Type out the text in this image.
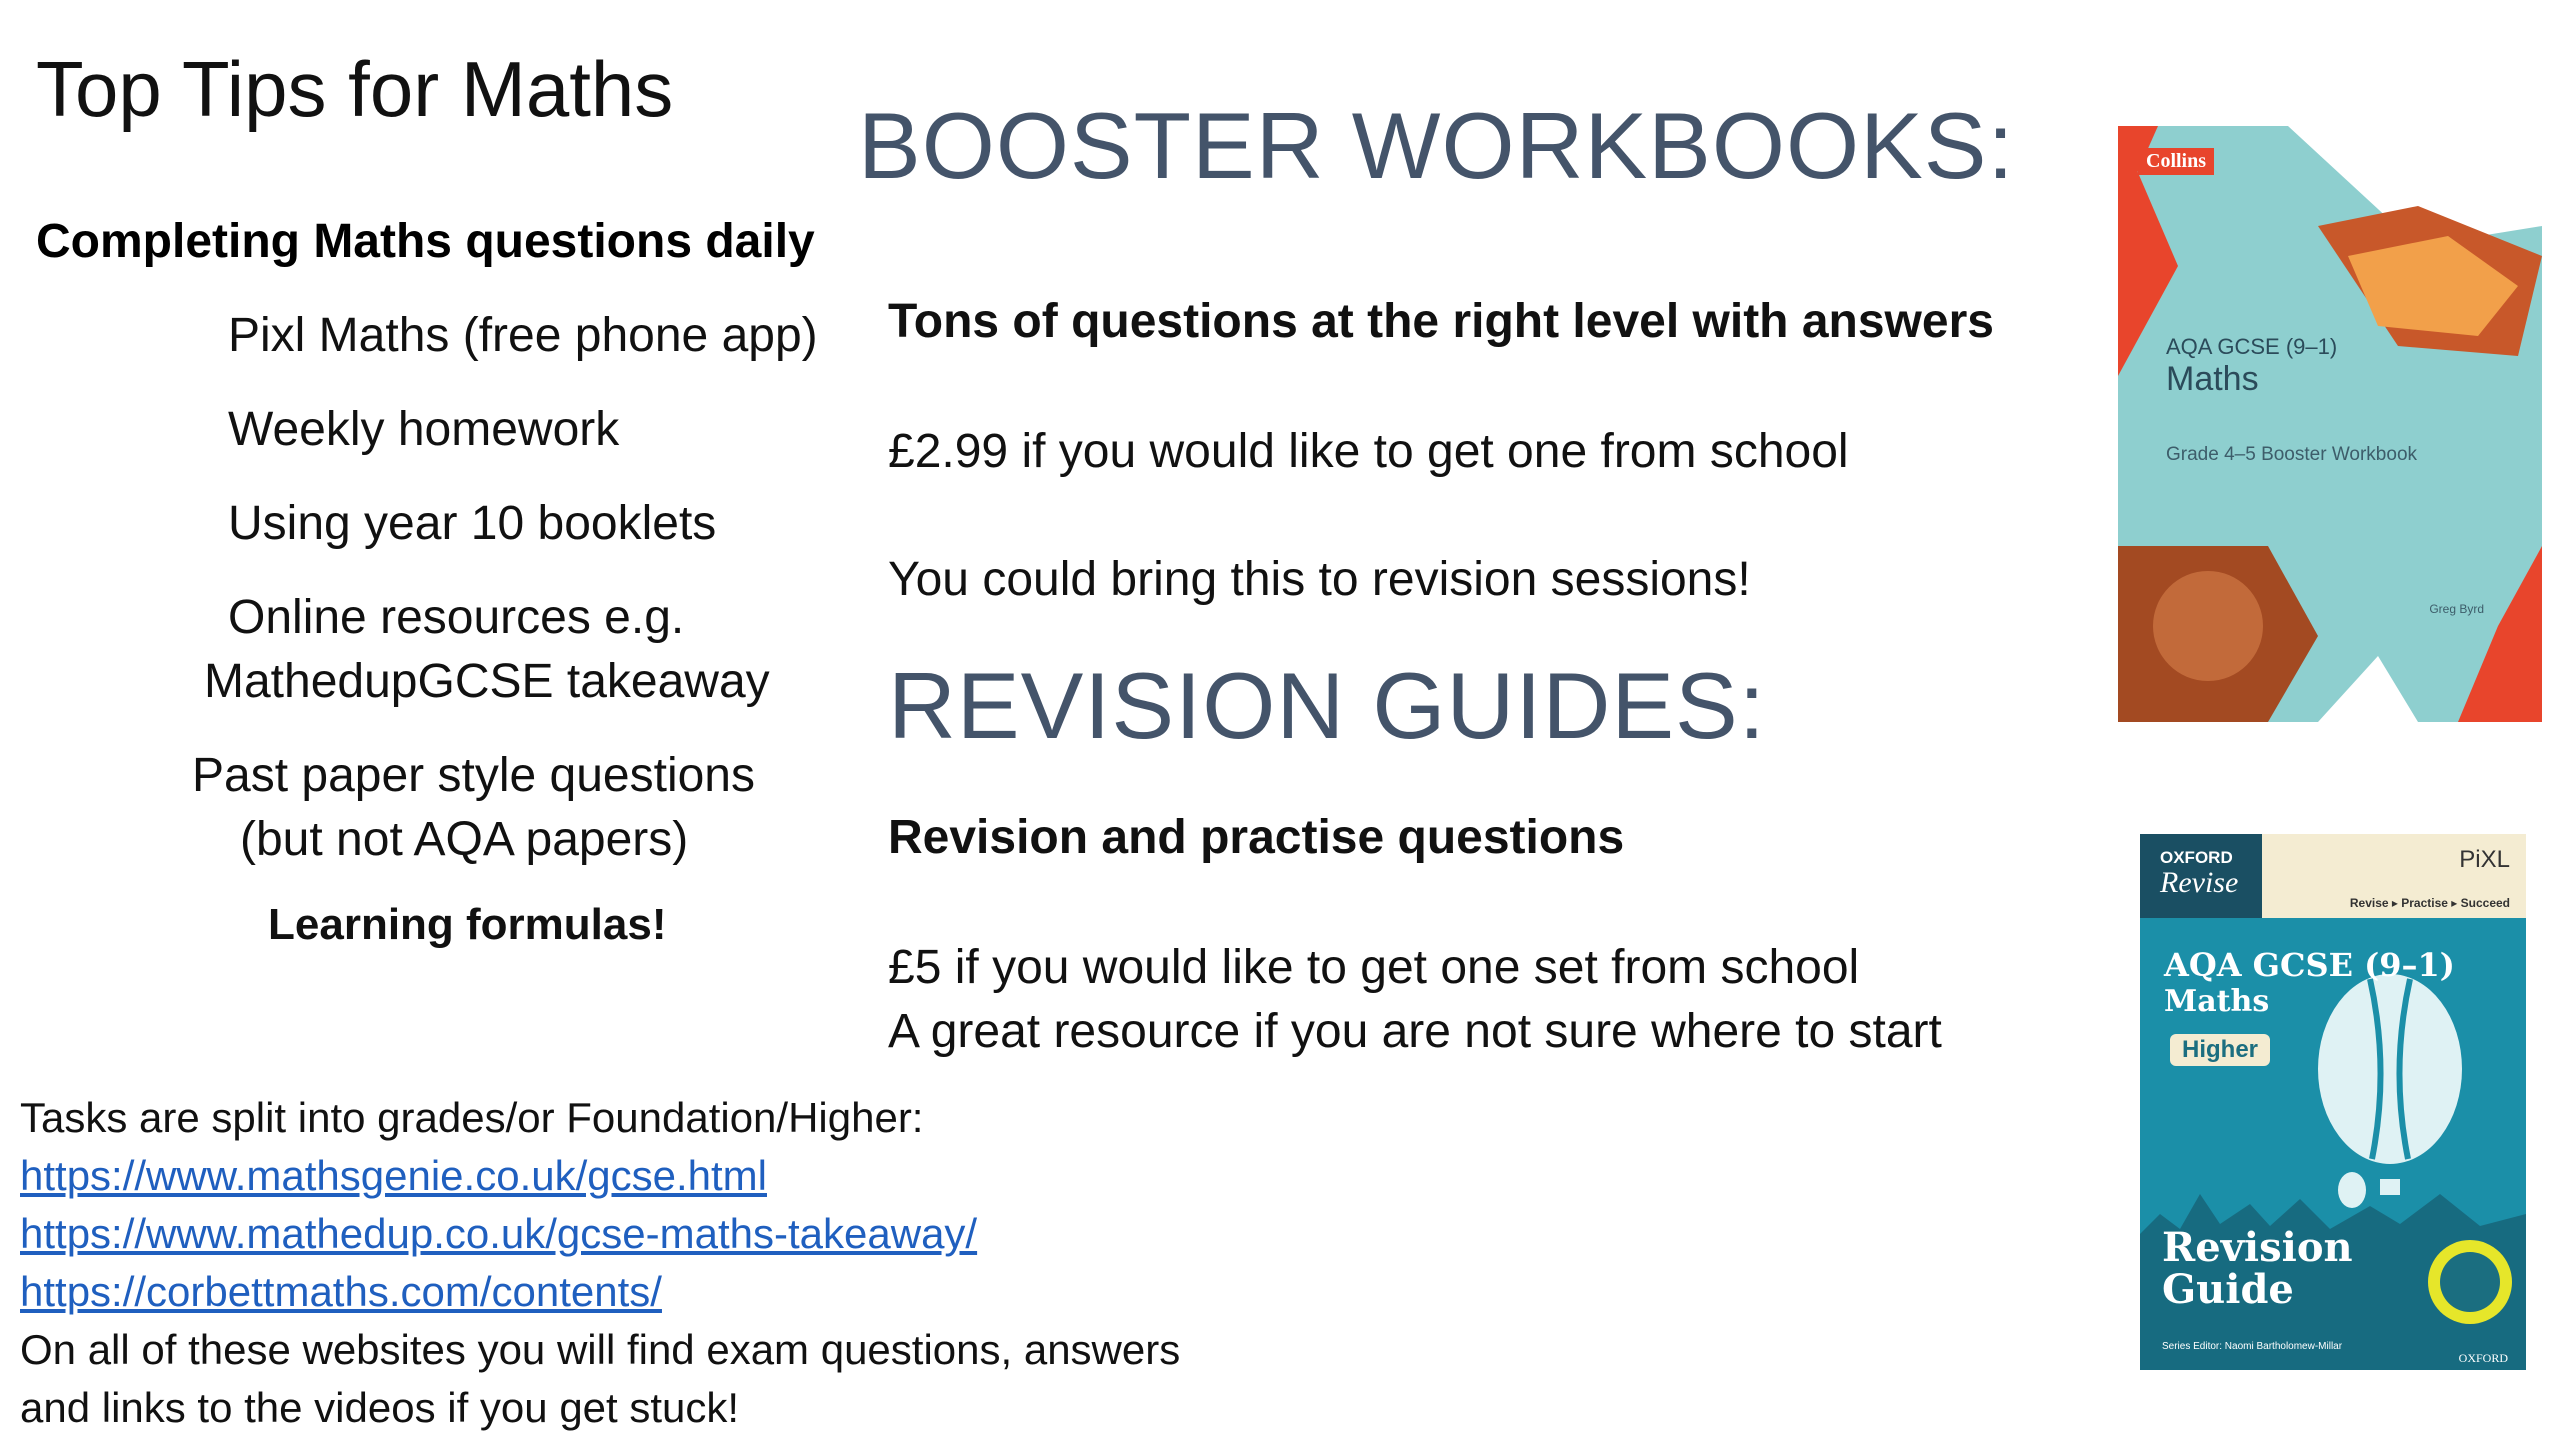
Top Tips for Maths
Completing Maths questions daily
Pixl Maths (free phone app)
Weekly homework
Using year 10 booklets
Online resources e.g.
MathedupGCSE takeaway
Past paper style questions
(but not AQA papers)
Learning formulas!
BOOSTER WORKBOOKS:
Tons of questions at the right level with answers
£2.99 if you would like to get one from school
You could bring this to revision sessions!
REVISION GUIDES:
Revision and practise questions
£5 if you would like to get one set from school
A great resource if you are not sure where to start
Tasks are split into grades/or Foundation/Higher:
https://www.mathsgenie.co.uk/gcse.html
https://www.mathedup.co.uk/gcse-maths-takeaway/
https://corbettmaths.com/contents/
On all of these websites you will find exam questions, answers
and links to the videos if you get stuck!
Collins
AQA GCSE (9–1)
Maths
Grade 4–5 Booster Workbook
Greg Byrd
OXFORD
Revise
PiXL
Revise ▸ Practise ▸ Succeed
AQA GCSE (9–1)
Maths
Higher
Revision
Guide
Series Editor: Naomi Bartholomew-Millar
OXFORD
